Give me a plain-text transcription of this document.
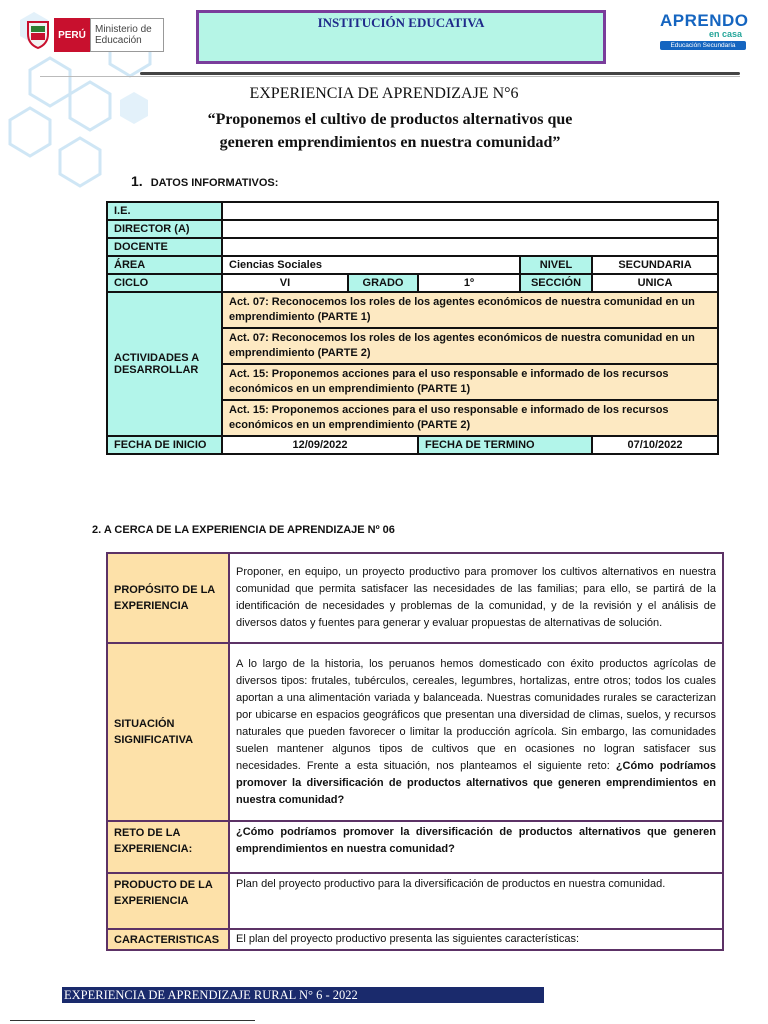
PERÚ Ministerio de Educación
INSTITUCIÓN EDUCATIVA	APRENDO
en casa
Educación Secundaria
EXPERIENCIA DE APRENDIZAJE N°6
“Proponemos el cultivo de productos alternativos que
generen emprendimientos en nuestra comunidad”
1. DATOS INFORMATIVOS:
I.E.					
DIRECTOR (A)					
DOCENTE					
ÁREA	Ciencias Sociales			NIVEL	SECUNDARIA
CICLO	VI	GRADO	1º	SECCIÓN	UNICA
ACTIVIDADES A DESARROLLAR	Act. 07: Reconocemos los roles de los agentes económicos de nuestra comunidad en un emprendimiento (PARTE 1)				
	Act. 07: Reconocemos los roles de los agentes económicos de nuestra comunidad en un emprendimiento (PARTE 2)				
	Act. 15: Proponemos acciones para el uso responsable e informado de los recursos económicos en un emprendimiento (PARTE 1)				
	Act. 15: Proponemos acciones para el uso responsable e informado de los recursos económicos en un emprendimiento (PARTE 2)				
FECHA DE INICIO	12/09/2022		FECHA DE TERMINO		07/10/2022
2. A CERCA DE LA EXPERIENCIA DE APRENDIZAJE Nº 06
PROPÓSITO DE LA EXPERIENCIA	Proponer, en equipo, un proyecto productivo para promover los cultivos alternativos en nuestra comunidad que permita satisfacer las necesidades de las familias; para ello, se partirá de la identificación de necesidades y problemas de la comunidad, y de la revisión y el análisis de diversos datos y fuentes para generar y evaluar propuestas de alternativas de solución.
SITUACIÓN SIGNIFICATIVA	A lo largo de la historia, los peruanos hemos domesticado con éxito productos agrícolas de diversos tipos: frutales, tubérculos, cereales, legumbres, hortalizas, entre otros; todos los cuales aportan a una alimentación variada y balanceada. Nuestras comunidades rurales se caracterizan por ubicarse en espacios geográficos que presentan una diversidad de climas, suelos, y recursos naturales que pueden favorecer o limitar la producción agrícola. Sin embargo, las comunidades suelen mantener algunos tipos de cultivos que en ocasiones no logran satisfacer sus necesidades. Frente a esta situación, nos planteamos el siguiente reto: ¿Cómo podríamos promover la diversificación de productos alternativos que generen emprendimientos en nuestra comunidad?
RETO DE LA EXPERIENCIA:	¿Cómo podríamos promover la diversificación de productos alternativos que generen emprendimientos en nuestra comunidad?
PRODUCTO DE LA EXPERIENCIA	Plan del proyecto productivo para la diversificación de productos en nuestra comunidad.
CARACTERISTICAS	El plan del proyecto productivo presenta las siguientes características:
EXPERIENCIA DE APRENDIZAJE RURAL N° 6 - 2022
